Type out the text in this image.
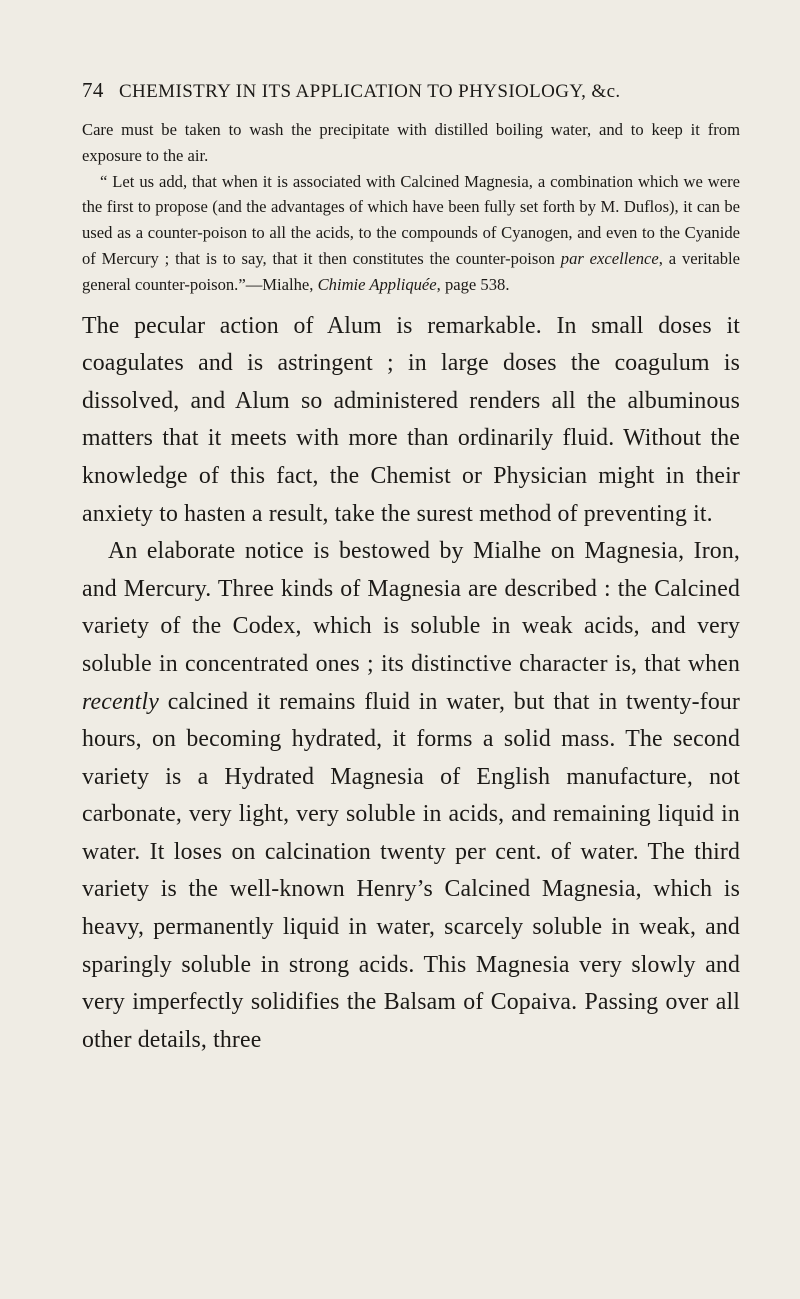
74 CHEMISTRY IN ITS APPLICATION TO PHYSIOLOGY, &c.

Care must be taken to wash the precipitate with distilled boiling water, and to keep it from exposure to the air.

“ Let us add, that when it is associated with Calcined Magnesia, a combination which we were the first to propose (and the advantages of which have been fully set forth by M. Duflos), it can be used as a counter-poison to all the acids, to the compounds of Cyanogen, and even to the Cyanide of Mercury ; that is to say, that it then constitutes the counter-poison par excellence, a veritable general counter-poison.”—Mialhe, Chimie Appliquée, page 538.

The pecular action of Alum is remarkable. In small doses it coagulates and is astringent ; in large doses the coagulum is dissolved, and Alum so administered renders all the albuminous matters that it meets with more than ordinarily fluid. Without the knowledge of this fact, the Chemist or Physician might in their anxiety to hasten a result, take the surest method of preventing it.

An elaborate notice is bestowed by Mialhe on Magnesia, Iron, and Mercury. Three kinds of Magnesia are described : the Calcined variety of the Codex, which is soluble in weak acids, and very soluble in concentrated ones ; its distinctive character is, that when recently calcined it remains fluid in water, but that in twenty-four hours, on becoming hydrated, it forms a solid mass. The second variety is a Hydrated Magnesia of English manufacture, not carbonate, very light, very soluble in acids, and remaining liquid in water. It loses on calcination twenty per cent. of water. The third variety is the well-known Henry’s Calcined Magnesia, which is heavy, permanently liquid in water, scarcely soluble in weak, and sparingly soluble in strong acids. This Magnesia very slowly and very imperfectly solidifies the Balsam of Copaiva. Passing over all other details, three
